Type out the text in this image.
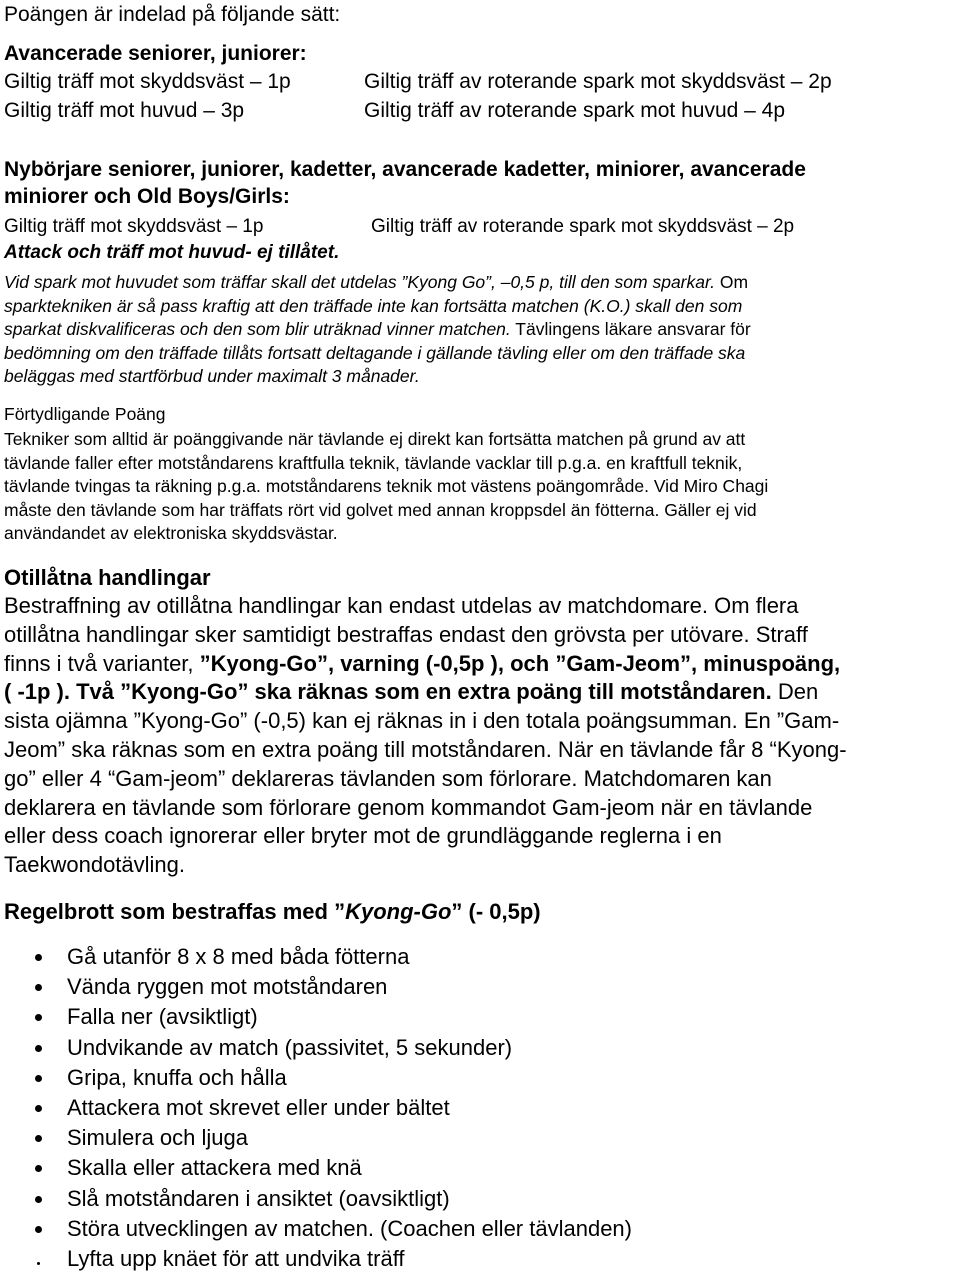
Poängen är indelad på följande sätt:
Avancerade seniorer, juniorer:
Giltig träff mot skyddsväst – 1p	Giltig träff av roterande spark mot skyddsväst – 2p
Giltig träff mot huvud – 3p	Giltig träff av roterande spark mot huvud – 4p
Nybörjare seniorer, juniorer, kadetter, avancerade kadetter, miniorer, avancerade
miniorer och Old Boys/Girls:
Giltig träff mot skyddsväst – 1p	Giltig träff av roterande spark mot skyddsväst – 2p
Attack och träff mot huvud- ej tillåtet.
Vid spark mot huvudet som träffar skall det utdelas ”Kyong Go”, –0,5 p, till den som sparkar. Om
sparktekniken är så pass kraftig att den träffade inte kan fortsätta matchen (K.O.) skall den som
sparkat diskvalificeras och den som blir uträknad vinner matchen. Tävlingens läkare ansvarar för
bedömning om den träffade tillåts fortsatt deltagande i gällande tävling eller om den träffade ska
beläggas med startförbud under maximalt 3 månader.
Förtydligande Poäng
Tekniker som alltid är poänggivande när tävlande ej direkt kan fortsätta matchen på grund av att
tävlande faller efter motståndarens kraftfulla teknik, tävlande vacklar till p.g.a. en kraftfull teknik,
tävlande tvingas ta räkning p.g.a. motståndarens teknik mot västens poängområde. Vid Miro Chagi
måste den tävlande som har träffats rört vid golvet med annan kroppsdel än fötterna. Gäller ej vid
användandet av elektroniska skyddsvästar.
Otillåtna handlingar
Bestraffning av otillåtna handlingar kan endast utdelas av matchdomare. Om flera
otillåtna handlingar sker samtidigt bestraffas endast den grövsta per utövare. Straff
finns i två varianter, ”Kyong-Go”, varning (-0,5p ), och ”Gam-Jeom”, minuspoäng,
( -1p ). Två ”Kyong-Go” ska räknas som en extra poäng till motståndaren. Den
sista ojämna ”Kyong-Go” (-0,5) kan ej räknas in i den totala poängsumman. En ”Gam-
Jeom” ska räknas som en extra poäng till motståndaren. När en tävlande får 8 “Kyong-
go” eller 4 “Gam-jeom” deklareras tävlanden som förlorare. Matchdomaren kan
deklarera en tävlande som förlorare genom kommandot Gam-jeom när en tävlande
eller dess coach ignorerar eller bryter mot de grundläggande reglerna i en
Taekwondotävling.
Regelbrott som bestraffas med ”Kyong-Go” (- 0,5p)
Gå utanför 8 x 8 med båda fötterna
Vända ryggen mot motståndaren
Falla ner (avsiktligt)
Undvikande av match (passivitet, 5 sekunder)
Gripa, knuffa och hålla
Attackera mot skrevet eller under bältet
Simulera och ljuga
Skalla eller attackera med knä
Slå motståndaren i ansiktet (oavsiktligt)
Störa utvecklingen av matchen. (Coachen eller tävlanden)
Lyfta upp knäet för att undvika träff
